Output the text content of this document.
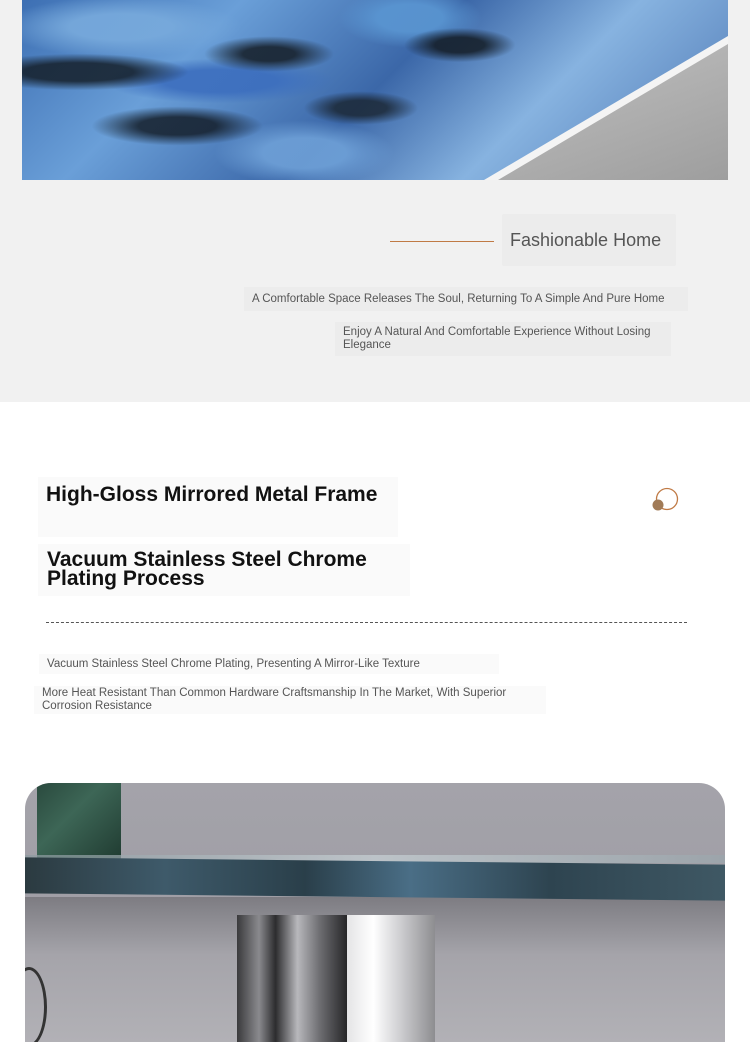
Fashionable Home
A Comfortable Space Releases The Soul, Returning To A Simple And Pure Home
Enjoy A Natural And Comfortable Experience Without Losing Elegance
High-Gloss Mirrored Metal Frame
Vacuum Stainless Steel Chrome Plating Process
Vacuum Stainless Steel Chrome Plating, Presenting A Mirror-Like Texture
More Heat Resistant Than Common Hardware Craftsmanship In The Market, With Superior Corrosion Resistance
